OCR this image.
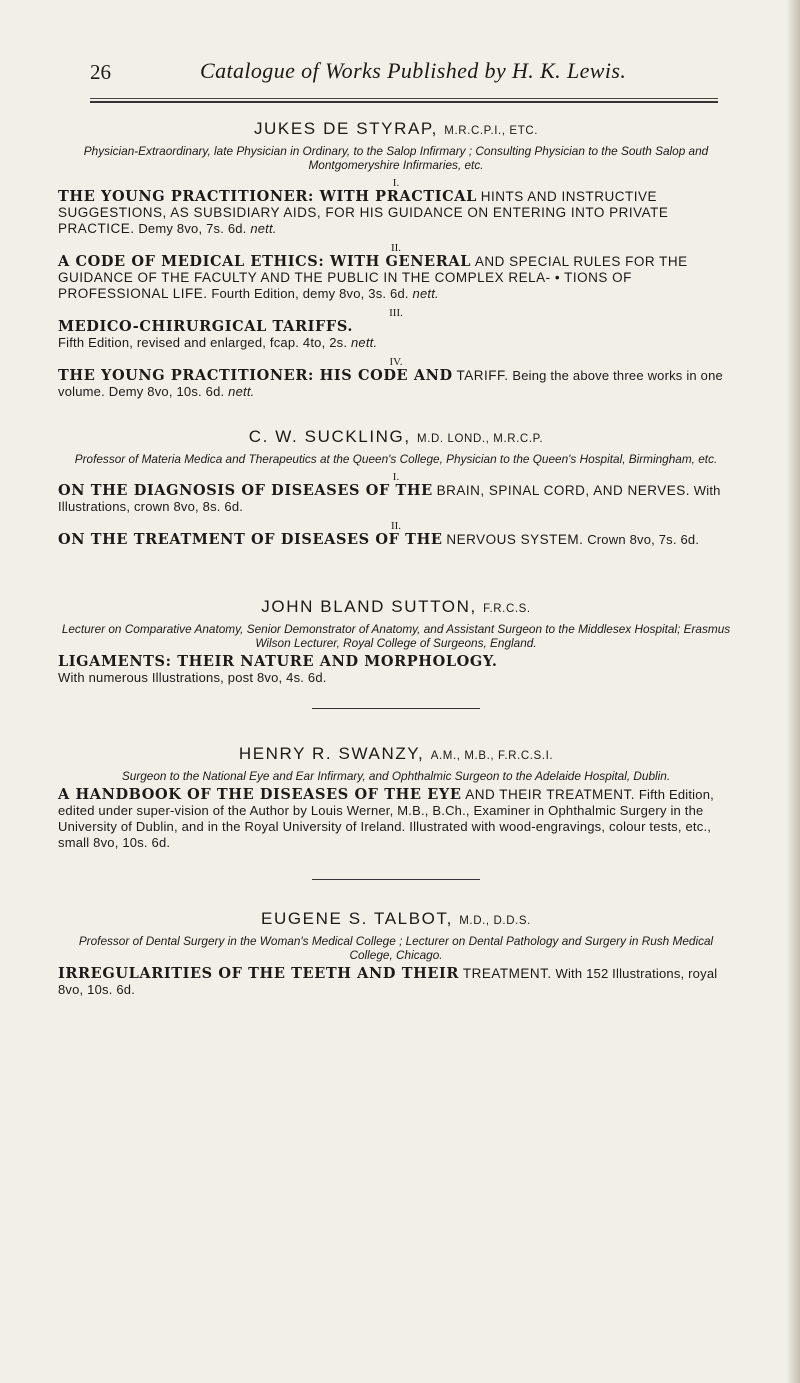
26	Catalogue of Works Published by H. K. Lewis.

JUKES DE STYRAP, M.R.C.P.I., ETC.

Physician-Extraordinary, late Physician in Ordinary, to the Salop Infirmary ; Consulting Physician to the South Salop and Montgomeryshire Infirmaries, etc.

I.

THE YOUNG PRACTITIONER: WITH PRACTICAL HINTS AND INSTRUCTIVE SUGGESTIONS, AS SUBSIDIARY AIDS, FOR HIS GUIDANCE ON ENTERING INTO PRIVATE PRACTICE. Demy 8vo, 7s. 6d. nett.

II.

A CODE OF MEDICAL ETHICS: WITH GENERAL AND SPECIAL RULES FOR THE GUIDANCE OF THE FACULTY AND THE PUBLIC IN THE COMPLEX RELA- • TIONS OF PROFESSIONAL LIFE. Fourth Edition, demy 8vo, 3s. 6d. nett.

III.

MEDICO-CHIRURGICAL TARIFFS.
Fifth Edition, revised and enlarged, fcap. 4to, 2s. nett.

IV.

THE YOUNG PRACTITIONER: HIS CODE AND TARIFF. Being the above three works in one volume. Demy 8vo, 10s. 6d. nett.

C. W. SUCKLING, M.D. LOND., M.R.C.P.

Professor of Materia Medica and Therapeutics at the Queen's College, Physician to the Queen's Hospital, Birmingham, etc.

I.

ON THE DIAGNOSIS OF DISEASES OF THE BRAIN, SPINAL CORD, AND NERVES. With Illustrations, crown 8vo, 8s. 6d.

II.

ON THE TREATMENT OF DISEASES OF THE NERVOUS SYSTEM. Crown 8vo, 7s. 6d.

JOHN BLAND SUTTON, F.R.C.S.

Lecturer on Comparative Anatomy, Senior Demonstrator of Anatomy, and Assistant Surgeon to the Middlesex Hospital; Erasmus Wilson Lecturer, Royal College of Surgeons, England.

LIGAMENTS: THEIR NATURE AND MORPHOLOGY.
With numerous Illustrations, post 8vo, 4s. 6d.

HENRY R. SWANZY, A.M., M.B., F.R.C.S.I.

Surgeon to the National Eye and Ear Infirmary, and Ophthalmic Surgeon to the Adelaide Hospital, Dublin.

A HANDBOOK OF THE DISEASES OF THE EYE AND THEIR TREATMENT. Fifth Edition, edited under super-vision of the Author by Louis Werner, M.B., B.Ch., Examiner in Ophthalmic Surgery in the University of Dublin, and in the Royal University of Ireland. Illustrated with wood-engravings, colour tests, etc., small 8vo, 10s. 6d.

EUGENE S. TALBOT, M.D., D.D.S.

Professor of Dental Surgery in the Woman's Medical College ; Lecturer on Dental Pathology and Surgery in Rush Medical College, Chicago.

IRREGULARITIES OF THE TEETH AND THEIR TREATMENT. With 152 Illustrations, royal 8vo, 10s. 6d.
